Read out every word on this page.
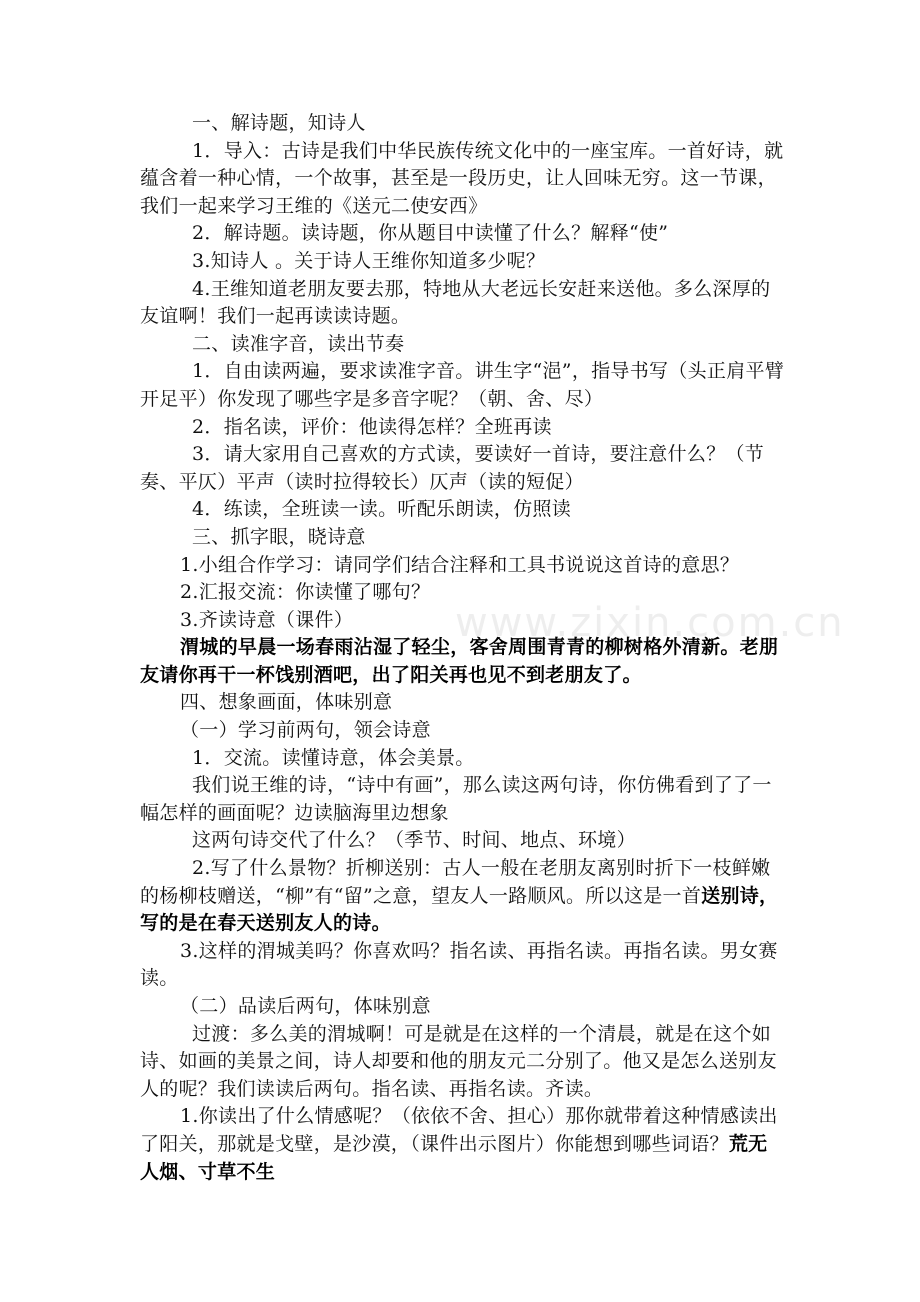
一、解诗题，知诗人
1．导入：古诗是我们中华民族传统文化中的一座宝库。一首好诗，就蕴含着一种心情，一个故事，甚至是一段历史，让人回味无穷。这一节课，我们一起来学习王维的《送元二使安西》
2．解诗题。读诗题，你从题目中读懂了什么？解释“使”
3.知诗人 。关于诗人王维你知道多少呢？
4.王维知道老朋友要去那，特地从大老远长安赶来送他。多么深厚的友谊啊！我们一起再读读诗题。
二、读准字音，读出节奏
1．自由读两遍，要求读准字音。讲生字“浥”，指导书写（头正肩平臂开足平）你发现了哪些字是多音字呢？（朝、舍、尽）
2．指名读，评价：他读得怎样？全班再读
3．请大家用自己喜欢的方式读，要读好一首诗，要注意什么？（节奏、平仄）平声（读时拉得较长）仄声（读的短促）
4．练读，全班读一读。听配乐朗读，仿照读
三、抓字眼，晓诗意
1.小组合作学习：请同学们结合注释和工具书说说这首诗的意思？
2.汇报交流：你读懂了哪句？
3.齐读诗意（课件）
渭城的早晨一场春雨沾湿了轻尘，客舍周围青青的柳树格外清新。老朋友请你再干一杯饯别酒吧，出了阳关再也见不到老朋友了。
四、想象画面，体味别意
（一）学习前两句，领会诗意
1．交流。读懂诗意，体会美景。
我们说王维的诗，“诗中有画”，那么读这两句诗，你仿佛看到了了一幅怎样的画面呢？边读脑海里边想象
这两句诗交代了什么？（季节、时间、地点、环境）
2.写了什么景物？折柳送别：古人一般在老朋友离别时折下一枝鲜嫩的杨柳枝赠送，“柳”有“留”之意，望友人一路顺风。所以这是一首送别诗，写的是在春天送别友人的诗。
3.这样的渭城美吗？你喜欢吗？指名读、再指名读。再指名读。男女赛读。
（二）品读后两句，体味别意
过渡：多么美的渭城啊！可是就是在这样的一个清晨，就是在这个如诗、如画的美景之间，诗人却要和他的朋友元二分别了。他又是怎么送别友人的呢？我们读读后两句。指名读、再指名读。齐读。
1.你读出了什么情感呢？（依依不舍、担心）那你就带着这种情感读出了阳关，那就是戈壁，是沙漠，（课件出示图片）你能想到哪些词语？荒无人烟、寸草不生
www.zixin.com.cn
